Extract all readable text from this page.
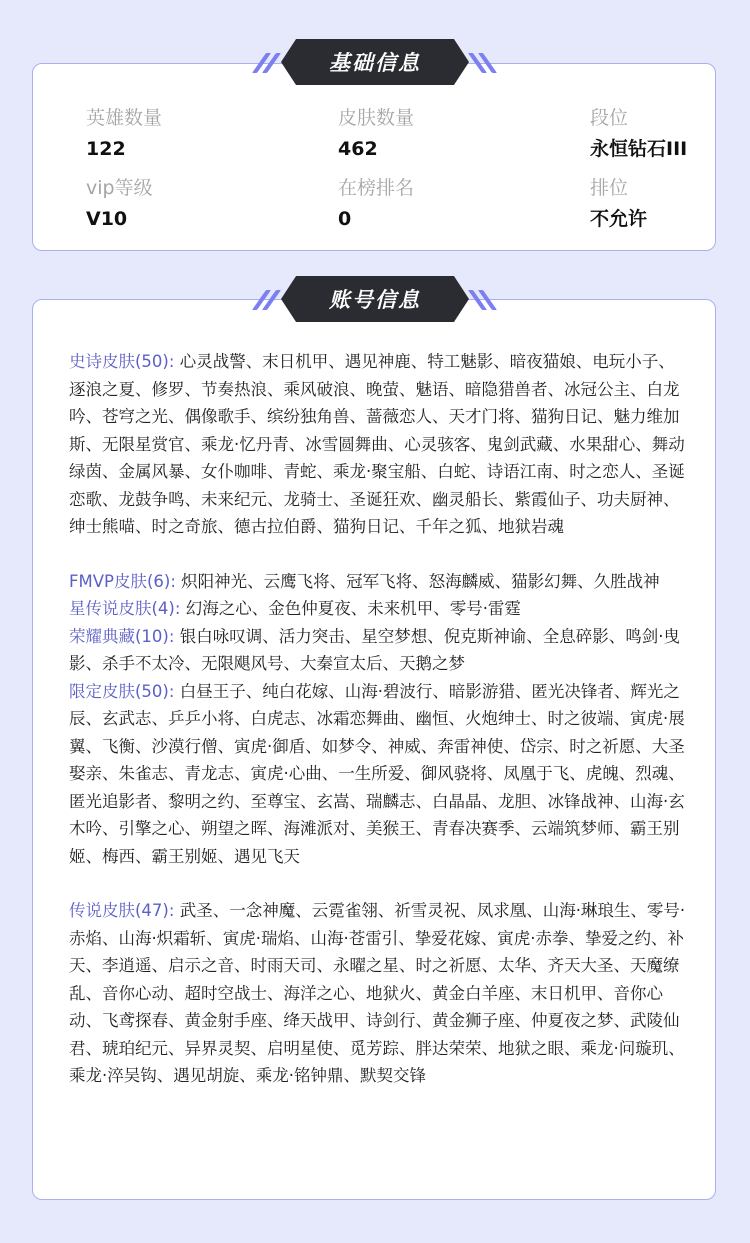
基础信息
英雄数量
122
皮肤数量
462
段位
永恒钻石III
vip等级
V10
在榜排名
0
排位
不允许
账号信息
史诗皮肤(50): 心灵战警、末日机甲、遇见神鹿、特工魅影、暗夜猫娘、电玩小子、逐浪之夏、修罗、节奏热浪、乘风破浪、晚萤、魅语、暗隐猎兽者、冰冠公主、白龙吟、苍穹之光、偶像歌手、缤纷独角兽、蔷薇恋人、天才门将、猫狗日记、魅力维加斯、无限星赏官、乘龙·忆丹青、冰雪圆舞曲、心灵骇客、鬼剑武藏、水果甜心、舞动绿茵、金属风暴、女仆咖啡、青蛇、乘龙·聚宝船、白蛇、诗语江南、时之恋人、圣诞恋歌、龙鼓争鸣、未来纪元、龙骑士、圣诞狂欢、幽灵船长、紫霞仙子、功夫厨神、绅士熊喵、时之奇旅、德古拉伯爵、猫狗日记、千年之狐、地狱岩魂
FMVP皮肤(6): 炽阳神光、云鹰飞将、冠军飞将、怒海麟威、猫影幻舞、久胜战神
星传说皮肤(4): 幻海之心、金色仲夏夜、未来机甲、零号·雷霆
荣耀典藏(10): 银白咏叹调、活力突击、星空梦想、倪克斯神谕、全息碎影、鸣剑·曳影、杀手不太冷、无限飓风号、大秦宣太后、天鹅之梦
限定皮肤(50): 白昼王子、纯白花嫁、山海·碧波行、暗影游猎、匿光决锋者、辉光之辰、玄武志、乒乒小将、白虎志、冰霜恋舞曲、幽恒、火炮绅士、时之彼端、寅虎·展翼、飞衡、沙漠行僧、寅虎·御盾、如梦令、神威、奔雷神使、岱宗、时之祈愿、大圣娶亲、朱雀志、青龙志、寅虎·心曲、一生所爱、御风骁将、凤凰于飞、虎魄、烈魂、匿光追影者、黎明之约、至尊宝、玄嵩、瑞麟志、白晶晶、龙胆、冰锋战神、山海·玄木吟、引擎之心、朔望之晖、海滩派对、美猴王、青春决赛季、云端筑梦师、霸王别姬、梅西、霸王别姬、遇见飞天
传说皮肤(47): 武圣、一念神魔、云霓雀翎、祈雪灵祝、凤求凰、山海·琳琅生、零号·赤焰、山海·炽霜斩、寅虎·瑞焰、山海·苍雷引、挚爱花嫁、寅虎·赤拳、挚爱之约、补天、李逍遥、启示之音、时雨天司、永曜之星、时之祈愿、太华、齐天大圣、天魔缭乱、音你心动、超时空战士、海洋之心、地狱火、黄金白羊座、末日机甲、音你心动、飞鸢探春、黄金射手座、绛天战甲、诗剑行、黄金狮子座、仲夏夜之梦、武陵仙君、琥珀纪元、异界灵契、启明星使、觅芳踪、胖达荣荣、地狱之眼、乘龙·问璇玑、乘龙·淬吴钩、遇见胡旋、乘龙·铭钟鼎、默契交锋
